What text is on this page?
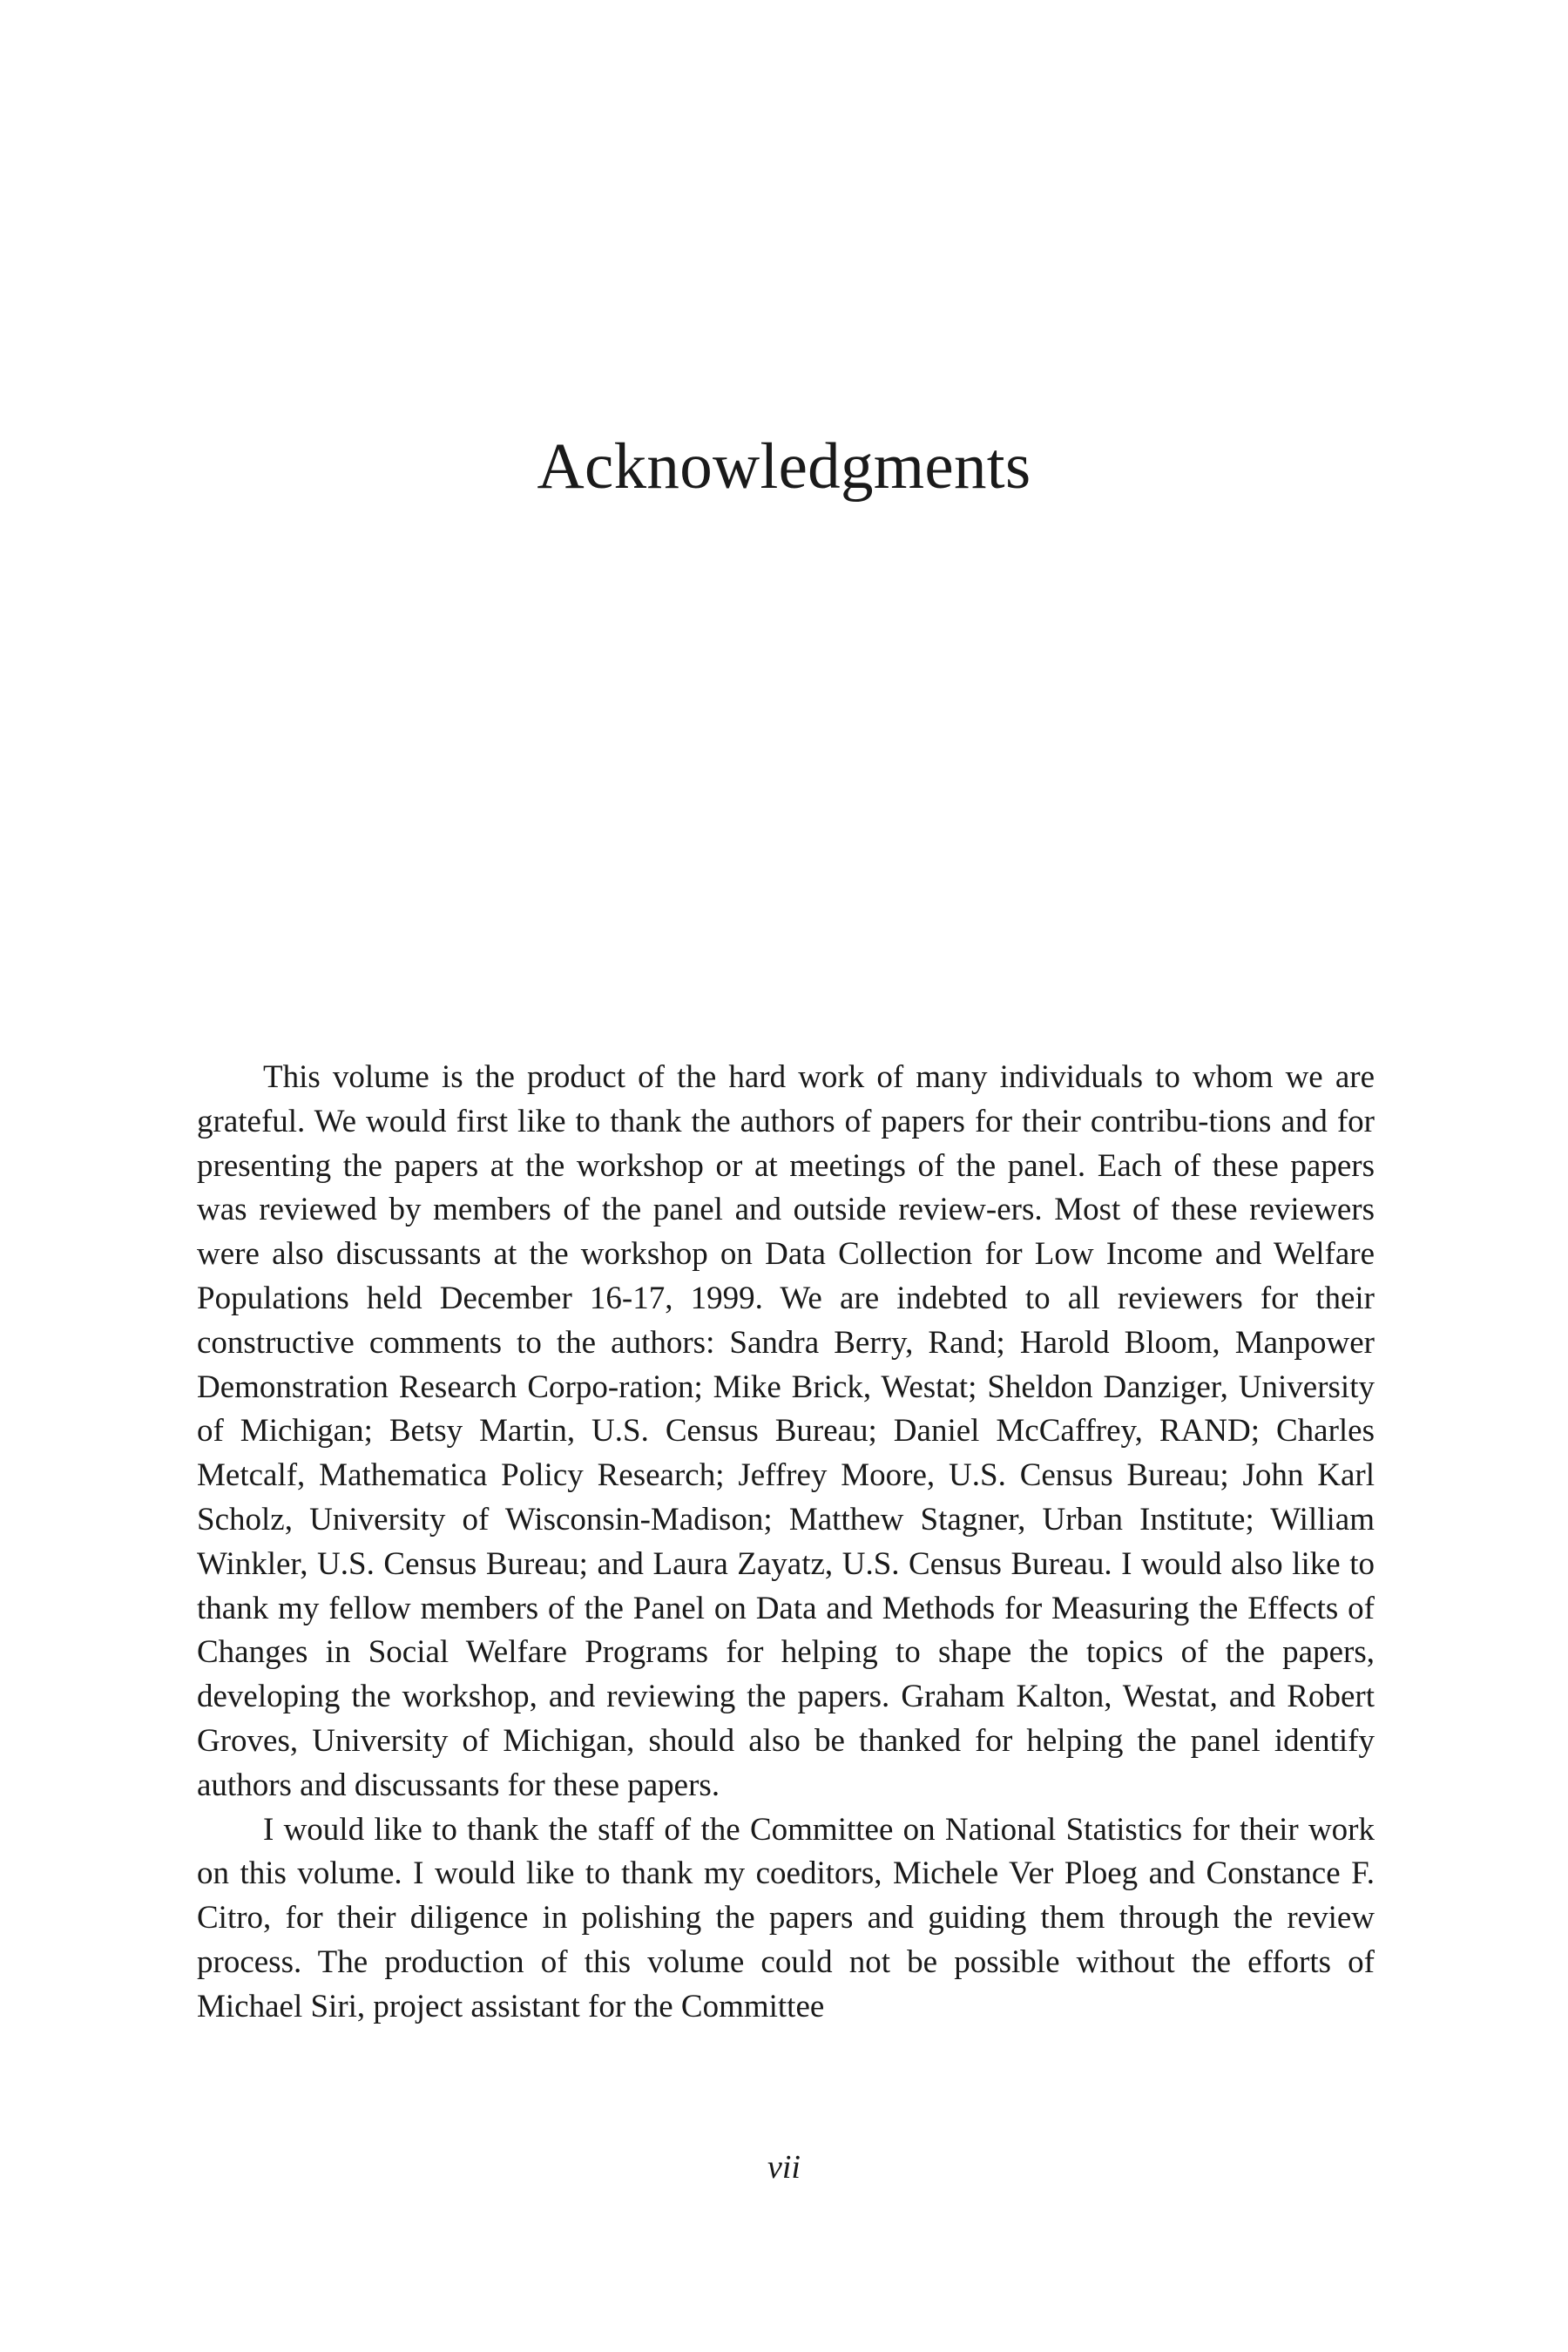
Acknowledgments

This volume is the product of the hard work of many individuals to whom we are grateful. We would first like to thank the authors of papers for their contribu-tions and for presenting the papers at the workshop or at meetings of the panel. Each of these papers was reviewed by members of the panel and outside review-ers. Most of these reviewers were also discussants at the workshop on Data Collection for Low Income and Welfare Populations held December 16-17, 1999. We are indebted to all reviewers for their constructive comments to the authors: Sandra Berry, Rand; Harold Bloom, Manpower Demonstration Research Corpo-ration; Mike Brick, Westat; Sheldon Danziger, University of Michigan; Betsy Martin, U.S. Census Bureau; Daniel McCaffrey, RAND; Charles Metcalf, Mathematica Policy Research; Jeffrey Moore, U.S. Census Bureau; John Karl Scholz, University of Wisconsin-Madison; Matthew Stagner, Urban Institute; William Winkler, U.S. Census Bureau; and Laura Zayatz, U.S. Census Bureau. I would also like to thank my fellow members of the Panel on Data and Methods for Measuring the Effects of Changes in Social Welfare Programs for helping to shape the topics of the papers, developing the workshop, and reviewing the papers. Graham Kalton, Westat, and Robert Groves, University of Michigan, should also be thanked for helping the panel identify authors and discussants for these papers.

I would like to thank the staff of the Committee on National Statistics for their work on this volume. I would like to thank my coeditors, Michele Ver Ploeg and Constance F. Citro, for their diligence in polishing the papers and guiding them through the review process. The production of this volume could not be possible without the efforts of Michael Siri, project assistant for the Committee

vii
